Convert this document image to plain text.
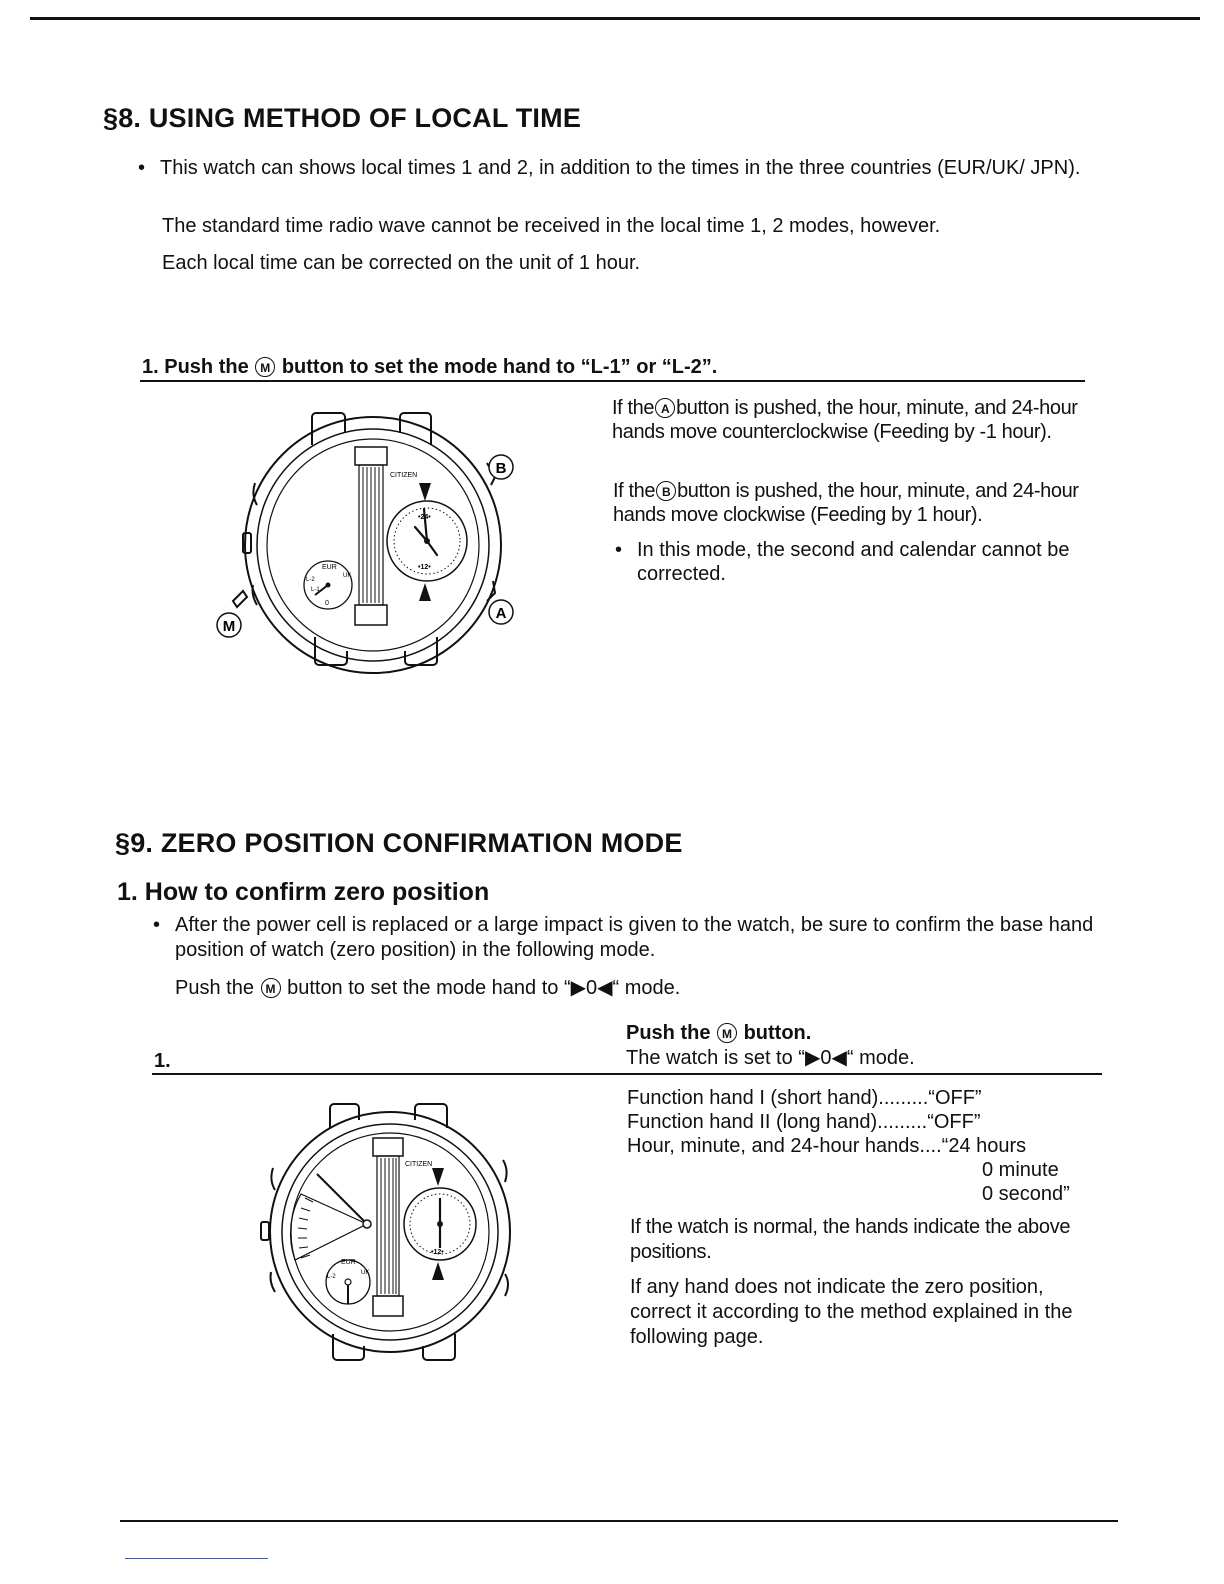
§8. USING METHOD OF LOCAL TIME

• This watch can shows local times 1 and 2, in addition to the times in the three countries (EUR/UK/ JPN).

The standard time radio wave cannot be received in the local time 1, 2 modes, however.

Each local time can be corrected on the unit of 1 hour.

1. Push the M button to set the mode hand to “L-1” or “L-2”.

If the A button is pushed, the hour, minute, and 24-hour hands move counterclockwise (Feeding by -1 hour).

If the B button is pushed, the hour, minute, and 24-hour hands move clockwise (Feeding by 1 hour).

• In this mode, the second and calendar cannot be corrected.

CITIZEN
•24•
•12•
EUR
UK
L-2
L-1
0
B
A
M
§9. ZERO POSITION CONFIRMATION MODE
1. How to confirm zero position

• After the power cell is replaced or a large impact is given to the watch, be sure to confirm the base hand position of watch (zero position) in the following mode.

Push the M button to set the mode hand to “▶0◀“ mode.

1.
Push the M button.
The watch is set to “▶0◀“ mode.
Function hand I (short hand) ......... “OFF”
Function hand II (long hand) ......... “OFF”
Hour, minute, and 24-hour hands .... “24 hours
0 minute
0 second”

If the watch is normal, the hands indicate the above positions.

If any hand does not indicate the zero position, correct it according to the method explained in the following page.

CITIZEN
•12•
EUR
UK
L-2
